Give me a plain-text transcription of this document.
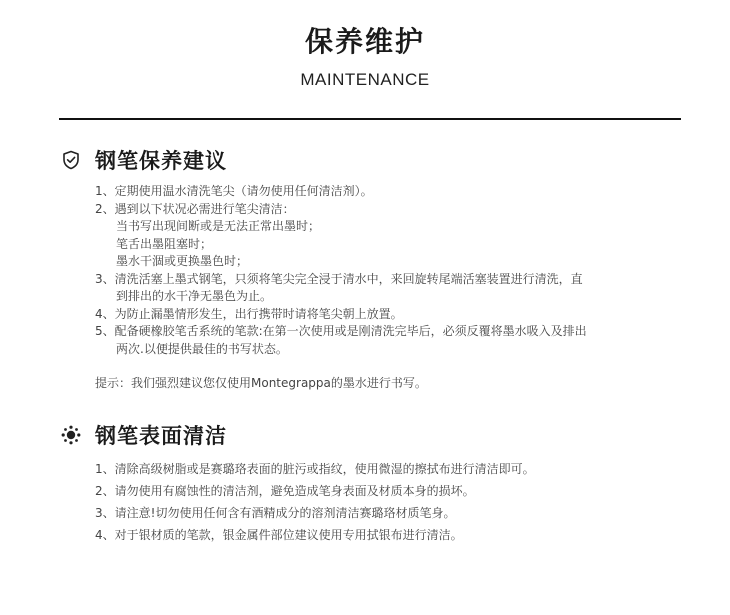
保养维护
MAINTENANCE
钢笔保养建议
1、定期使用温水清洗笔尖（请勿使用任何清洁剂）。
2、遇到以下状况必需进行笔尖清洁：
当书写出现间断或是无法正常出墨时；
笔舌出墨阻塞时；
墨水干涸或更换墨色时；
3、清洗活塞上墨式钢笔，只须将笔尖完全浸于清水中，来回旋转尾端活塞装置进行清洗，直
到排出的水干净无墨色为止。
4、为防止漏墨情形发生，出行携带时请将笔尖朝上放置。
5、配备硬橡胶笔舌系统的笔款:在第一次使用或是刚清洗完毕后，必须反覆将墨水吸入及排出
两次.以便提供最佳的书写状态。
提示：我们强烈建议您仅使用Montegrappa的墨水进行书写。
钢笔表面清洁
1、清除高级树脂或是赛璐珞表面的脏污或指纹，使用微湿的擦拭布进行清洁即可。
2、请勿使用有腐蚀性的清洁剂，避免造成笔身表面及材质本身的损坏。
3、请注意!切勿使用任何含有酒精成分的溶剂清洁赛璐珞材质笔身。
4、对于银材质的笔款，银金属件部位建议使用专用拭银布进行清洁。
